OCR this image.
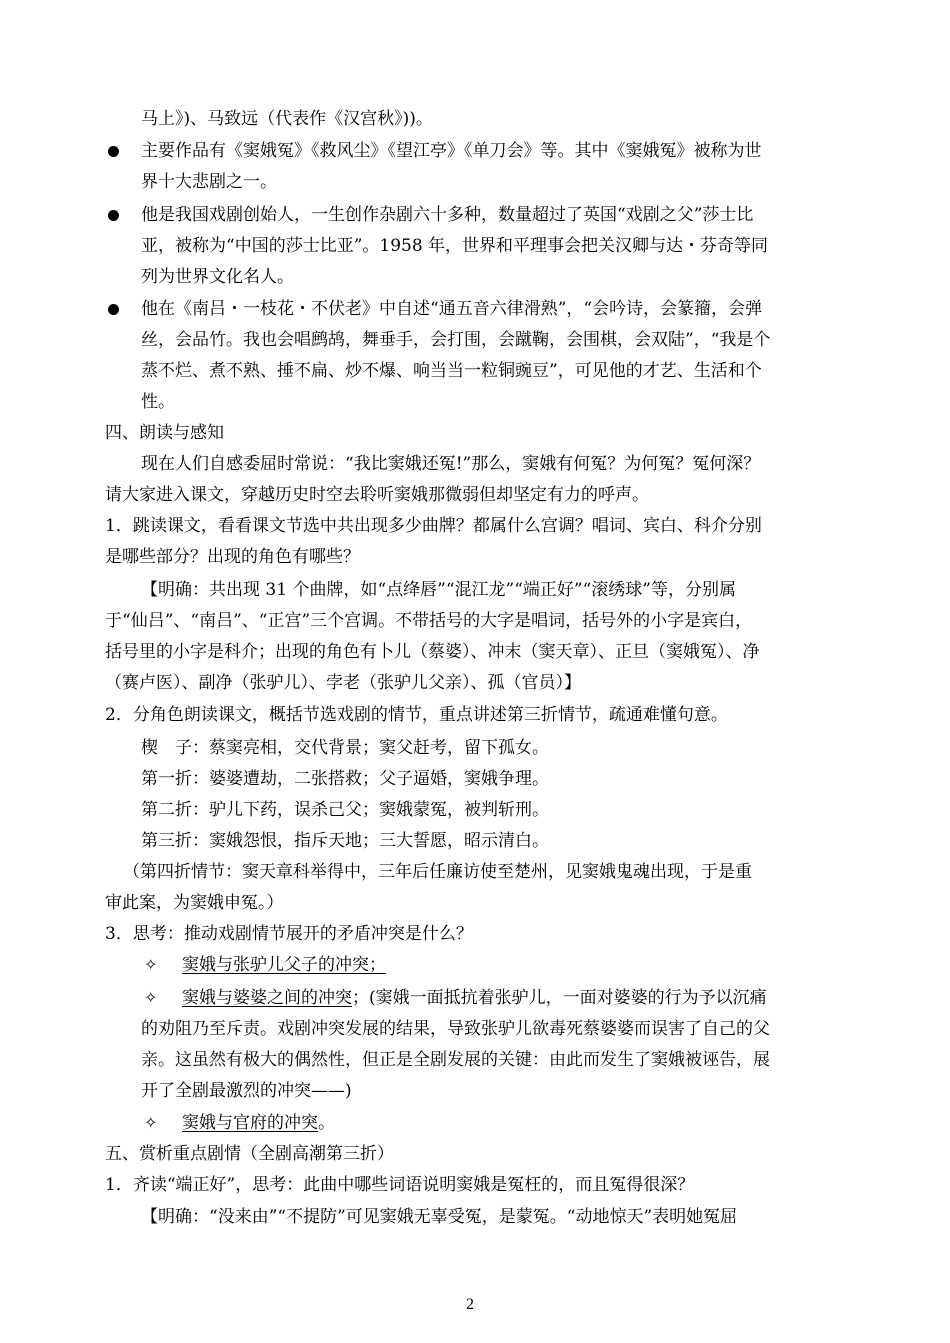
马上》)、马致远（代表作《汉宫秋》))。
主要作品有《窦娥冤》《救风尘》《望江亭》《单刀会》等。其中《窦娥冤》被称为世
界十大悲剧之一。
他是我国戏剧创始人，一生创作杂剧六十多种，数量超过了英国“戏剧之父”莎士比
亚，被称为“中国的莎士比亚”。1958 年，世界和平理事会把关汉卿与达・芬奇等同
列为世界文化名人。
他在《南吕・一枝花・不伏老》中自述“通五音六律滑熟”，“会吟诗，会篆籀，会弹
丝，会品竹。我也会唱鹧鸪，舞垂手，会打围，会蹴鞠，会围棋，会双陆”，“我是个
蒸不烂、煮不熟、捶不扁、炒不爆、响当当一粒铜豌豆”，可见他的才艺、生活和个
性。
四、朗读与感知
现在人们自感委屈时常说：“我比窦娥还冤!”那么，窦娥有何冤？为何冤？冤何深？
请大家进入课文，穿越历史时空去聆听窦娥那微弱但却坚定有力的呼声。
1．跳读课文，看看课文节选中共出现多少曲牌？都属什么宫调？唱词、宾白、科介分别
是哪些部分？出现的角色有哪些？
【明确：共出现 31 个曲牌，如“点绛唇”“混江龙”“端正好”“滚绣球”等，分别属
于“仙吕”、“南吕”、“正宫”三个宫调。不带括号的大字是唱词，括号外的小字是宾白，
括号里的小字是科介；出现的角色有卜儿（蔡婆）、冲末（窦天章）、正旦（窦娥冤）、净
（赛卢医）、副净（张驴儿）、孛老（张驴儿父亲）、孤（官员）】
2．分角色朗读课文，概括节选戏剧的情节，重点讲述第三折情节，疏通难懂句意。
楔　子：蔡窦亮相，交代背景；窦父赶考，留下孤女。
第一折：婆婆遭劫，二张搭救；父子逼婚，窦娥争理。
第二折：驴儿下药，误杀己父；窦娥蒙冤，被判斩刑。
第三折：窦娥怨恨，指斥天地；三大誓愿，昭示清白。
（第四折情节：窦天章科举得中，三年后任廉访使至楚州，见窦娥鬼魂出现，于是重
审此案，为窦娥申冤。）
3．思考：推动戏剧情节展开的矛盾冲突是什么？
✧ 窦娥与张驴儿父子的冲突；
✧ 窦娥与婆婆之间的冲突；(窦娥一面抵抗着张驴儿，一面对婆婆的行为予以沉痛
的劝阻乃至斥责。戏剧冲突发展的结果，导致张驴儿欲毒死蔡婆婆而误害了自己的父
亲。这虽然有极大的偶然性，但正是全剧发展的关键：由此而发生了窦娥被诬告，展
开了全剧最激烈的冲突——)
✧ 窦娥与官府的冲突。
五、赏析重点剧情（全剧高潮第三折）
1．齐读“端正好”，思考：此曲中哪些词语说明窦娥是冤枉的，而且冤得很深？
【明确：“没来由”“不提防”可见窦娥无辜受冤，是蒙冤。“动地惊天”表明她冤屈
2
